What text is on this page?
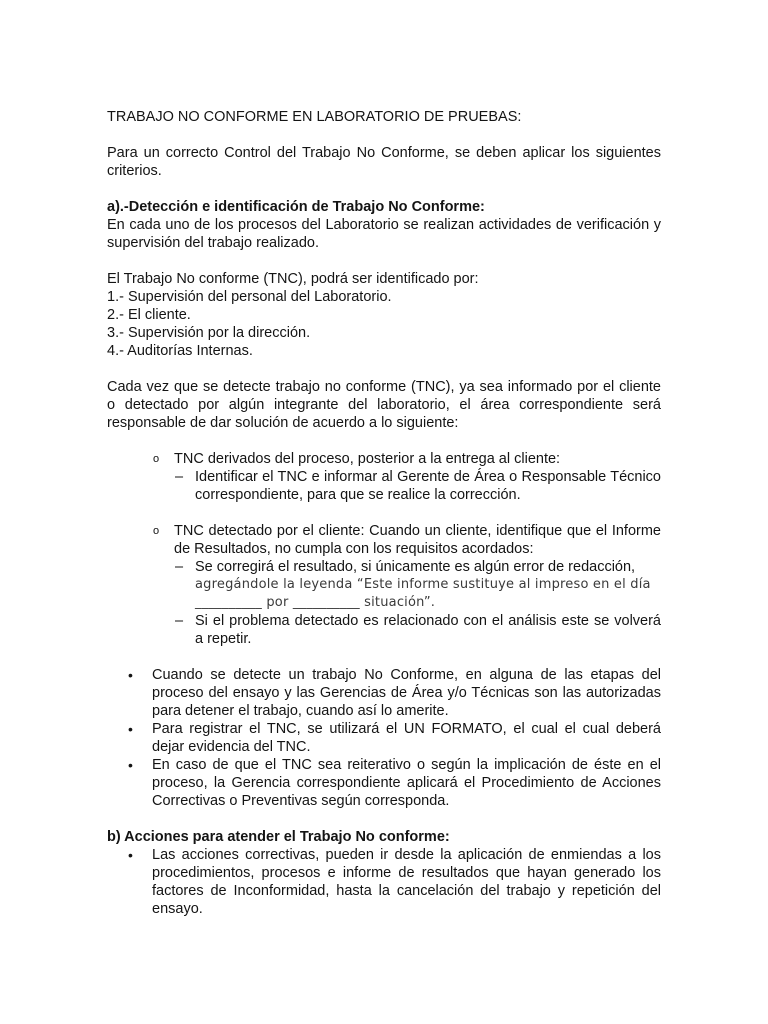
TRABAJO NO CONFORME EN LABORATORIO DE PRUEBAS:

Para un correcto Control del Trabajo No Conforme, se deben aplicar los siguientes criterios.

a).-Detección e identificación de Trabajo No Conforme:

En cada uno de los procesos del Laboratorio se realizan actividades de verificación y supervisión del trabajo realizado.

El Trabajo No conforme (TNC), podrá ser identificado por:

1.- Supervisión del personal del Laboratorio.
2.- El cliente.
3.- Supervisión por la dirección.
4.- Auditorías Internas.

Cada vez que se detecte trabajo no conforme (TNC), ya sea informado por el cliente o detectado por algún integrante del laboratorio, el área correspondiente será responsable de dar solución de acuerdo a lo siguiente:

o TNC derivados del proceso, posterior a la entrega al cliente:
– Identificar el TNC e informar al Gerente de Área o Responsable Técnico correspondiente, para que se realice la corrección.
o TNC detectado por el cliente: Cuando un cliente, identifique que el Informe de Resultados, no cumpla con los requisitos acordados:
– Se corregirá el resultado, si únicamente es algún error de redacción,
agregándole la leyenda “Este informe sustituye al impreso en el día
__________ por __________ situación”.
– Si el problema detectado es relacionado con el análisis este se volverá a repetir.
• Cuando se detecte un trabajo No Conforme, en alguna de las etapas del proceso del ensayo y las Gerencias de Área y/o Técnicas son las autorizadas para detener el trabajo, cuando así lo amerite.
• Para registrar el TNC, se utilizará el UN FORMATO, el cual el cual deberá dejar evidencia del TNC.
• En caso de que el TNC sea reiterativo o según la implicación de éste en el proceso, la Gerencia correspondiente aplicará el Procedimiento de Acciones Correctivas o Preventivas según corresponda.

b) Acciones para atender el Trabajo No conforme:

• Las acciones correctivas, pueden ir desde la aplicación de enmiendas a los procedimientos, procesos e informe de resultados que hayan generado los factores de Inconformidad, hasta la cancelación del trabajo y repetición del ensayo.
